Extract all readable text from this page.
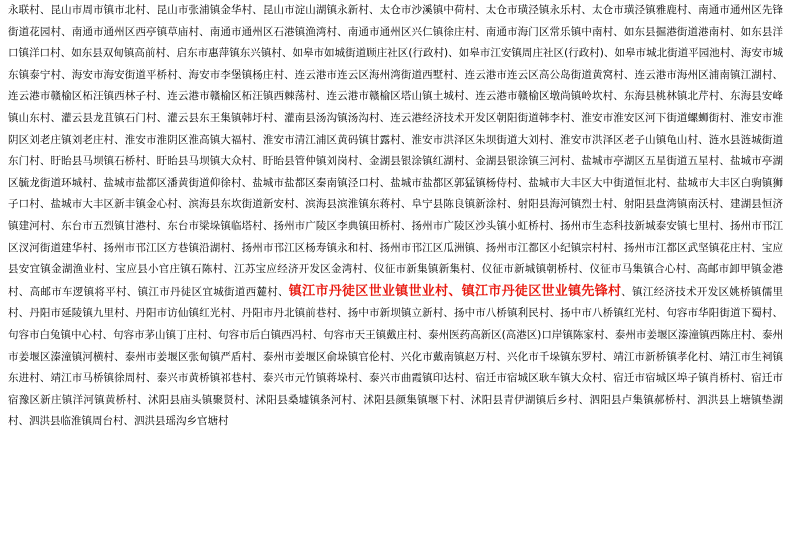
永联村、昆山市周市镇市北村、昆山市张浦镇金华村、昆山市淀山湖镇永新村、太仓市沙溪镇中荷村、太仓市璜泾镇永乐村、太仓市璜泾镇雅鹿村、南通市通州区先锋街道花园村、南通市通州区西亭镇草庙村、南通市通州区石港镇渔湾村、南通市通州区兴仁镇徐庄村、南通市海门区常乐镇中南村、如东县掘港街道港南村、如东县洋口镇洋口村、如东县双甸镇高前村、启东市惠萍镇东兴镇村、如皋市如城街道顾庄社区(行政村)、如皋市江安镇周庄社区(行政村)、如皋市城北街道平园池村、海安市城东镇泰宁村、海安市海安街道平桥村、海安市李堡镇杨庄村、连云港市连云区海州湾街道西墅村、连云港市连云区高公岛街道黄窝村、连云港市海州区浦南镇江湖村、连云港市赣榆区柘汪镇西林子村、连云港市赣榆区柘汪镇西棘荡村、连云港市赣榆区塔山镇土城村、连云港市赣榆区墩尚镇岭坎村、东海县桃林镇北芹村、东海县安峰镇山东村、灌云县龙苴镇石门村、灌云县东王集镇韩圩村、灌南县汤沟镇汤沟村、连云港经济技术开发区朝阳街道韩李村、淮安市淮安区河下街道螺蛳街村、淮安市淮阴区刘老庄镇刘老庄村、淮安市淮阴区淮高镇大福村、淮安市清江浦区黄码镇甘露村、淮安市洪泽区朱坝街道大刘村、淮安市洪泽区老子山镇龟山村、涟水县涟城街道东门村、盱眙县马坝镇石桥村、盱眙县马坝镇大众村、盱眙县管仲镇刘岗村、金湖县银涂镇红湖村、金湖县银涂镇三河村、盐城市亭湖区五星街道五星村、盐城市亭湖区毓龙街道环城村、盐城市盐都区潘黄街道仰徐村、盐城市盐都区秦南镇泾口村、盐城市盐都区郭猛镇杨侍村、盐城市大丰区大中街道恒北村、盐城市大丰区白驹镇狮子口村、盐城市大丰区新丰镇金心村、滨海县东坎街道新安村、滨海县滨淮镇东蒋村、阜宁县陈良镇新涂村、射阳县海河镇烈士村、射阳县盘湾镇南沃村、建湖县恒济镇建河村、东台市五烈镇甘港村、东台市梁垛镇临塔村、扬州市广陵区李典镇田桥村、扬州市广陵区沙头镇小虹桥村、扬州市生态科技新城泰安镇七里村、扬州市邗江区汊河街道建华村、扬州市邗江区方巷镇沿湖村、扬州市邗江区杨寿镇永和村、扬州市邗江区瓜洲镇、扬州市江都区小纪镇宗村村、扬州市江都区武坚镇花庄村、宝应县安宜镇金湖渔业村、宝应县小官庄镇石陈村、江苏宝应经济开发区金湾村、仪征市新集镇新集村、仪征市新城镇朝桥村、仪征市马集镇合心村、高邮市卸甲镇金港村、高邮市车逻镇将平村、镇江市丹徒区宜城街道西麓村、镇江市丹徒区世业镇世业村、镇江市丹徒区世业镇先锋村、镇江经济技术开发区姚桥镇儒里村、丹阳市延陵镇九里村、丹阳市访仙镇红光村、丹阳市丹北镇前巷村、扬中市新坝镇立新村、扬中市八桥镇利民村、扬中市八桥镇红光村、句容市华阳街道下蜀村、句容市白兔镇中心村、句容市茅山镇丁庄村、句容市后白镇西冯村、句容市天王镇戴庄村、泰州医药高新区(高港区)口岸镇陈家村、泰州市姜堰区溱潼镇西陈庄村、泰州市姜堰区溱潼镇河横村、泰州市姜堰区张甸镇严盾村、泰州市姜堰区俞垛镇官伦村、兴化市戴南镇赵万村、兴化市千垛镇东罗村、靖江市新桥镇孝化村、靖江市生祠镇东进村、靖江市马桥镇徐周村、泰兴市黄桥镇祁巷村、泰兴市元竹镇蒋垛村、泰兴市曲霞镇印达村、宿迁市宿城区耿车镇大众村、宿迁市宿城区埠子镇肖桥村、宿迁市宿豫区新庄镇洋河镇黄桥村、沭阳县庙头镇聚贤村、沭阳县桑墟镇条河村、沭阳县颜集镇堰下村、沭阳县青伊湖镇后乡村、泗阳县卢集镇郝桥村、泗洪县上塘镇垫湖村、泗洪县临淮镇周台村、泗洪县瑶沟乡官塘村
